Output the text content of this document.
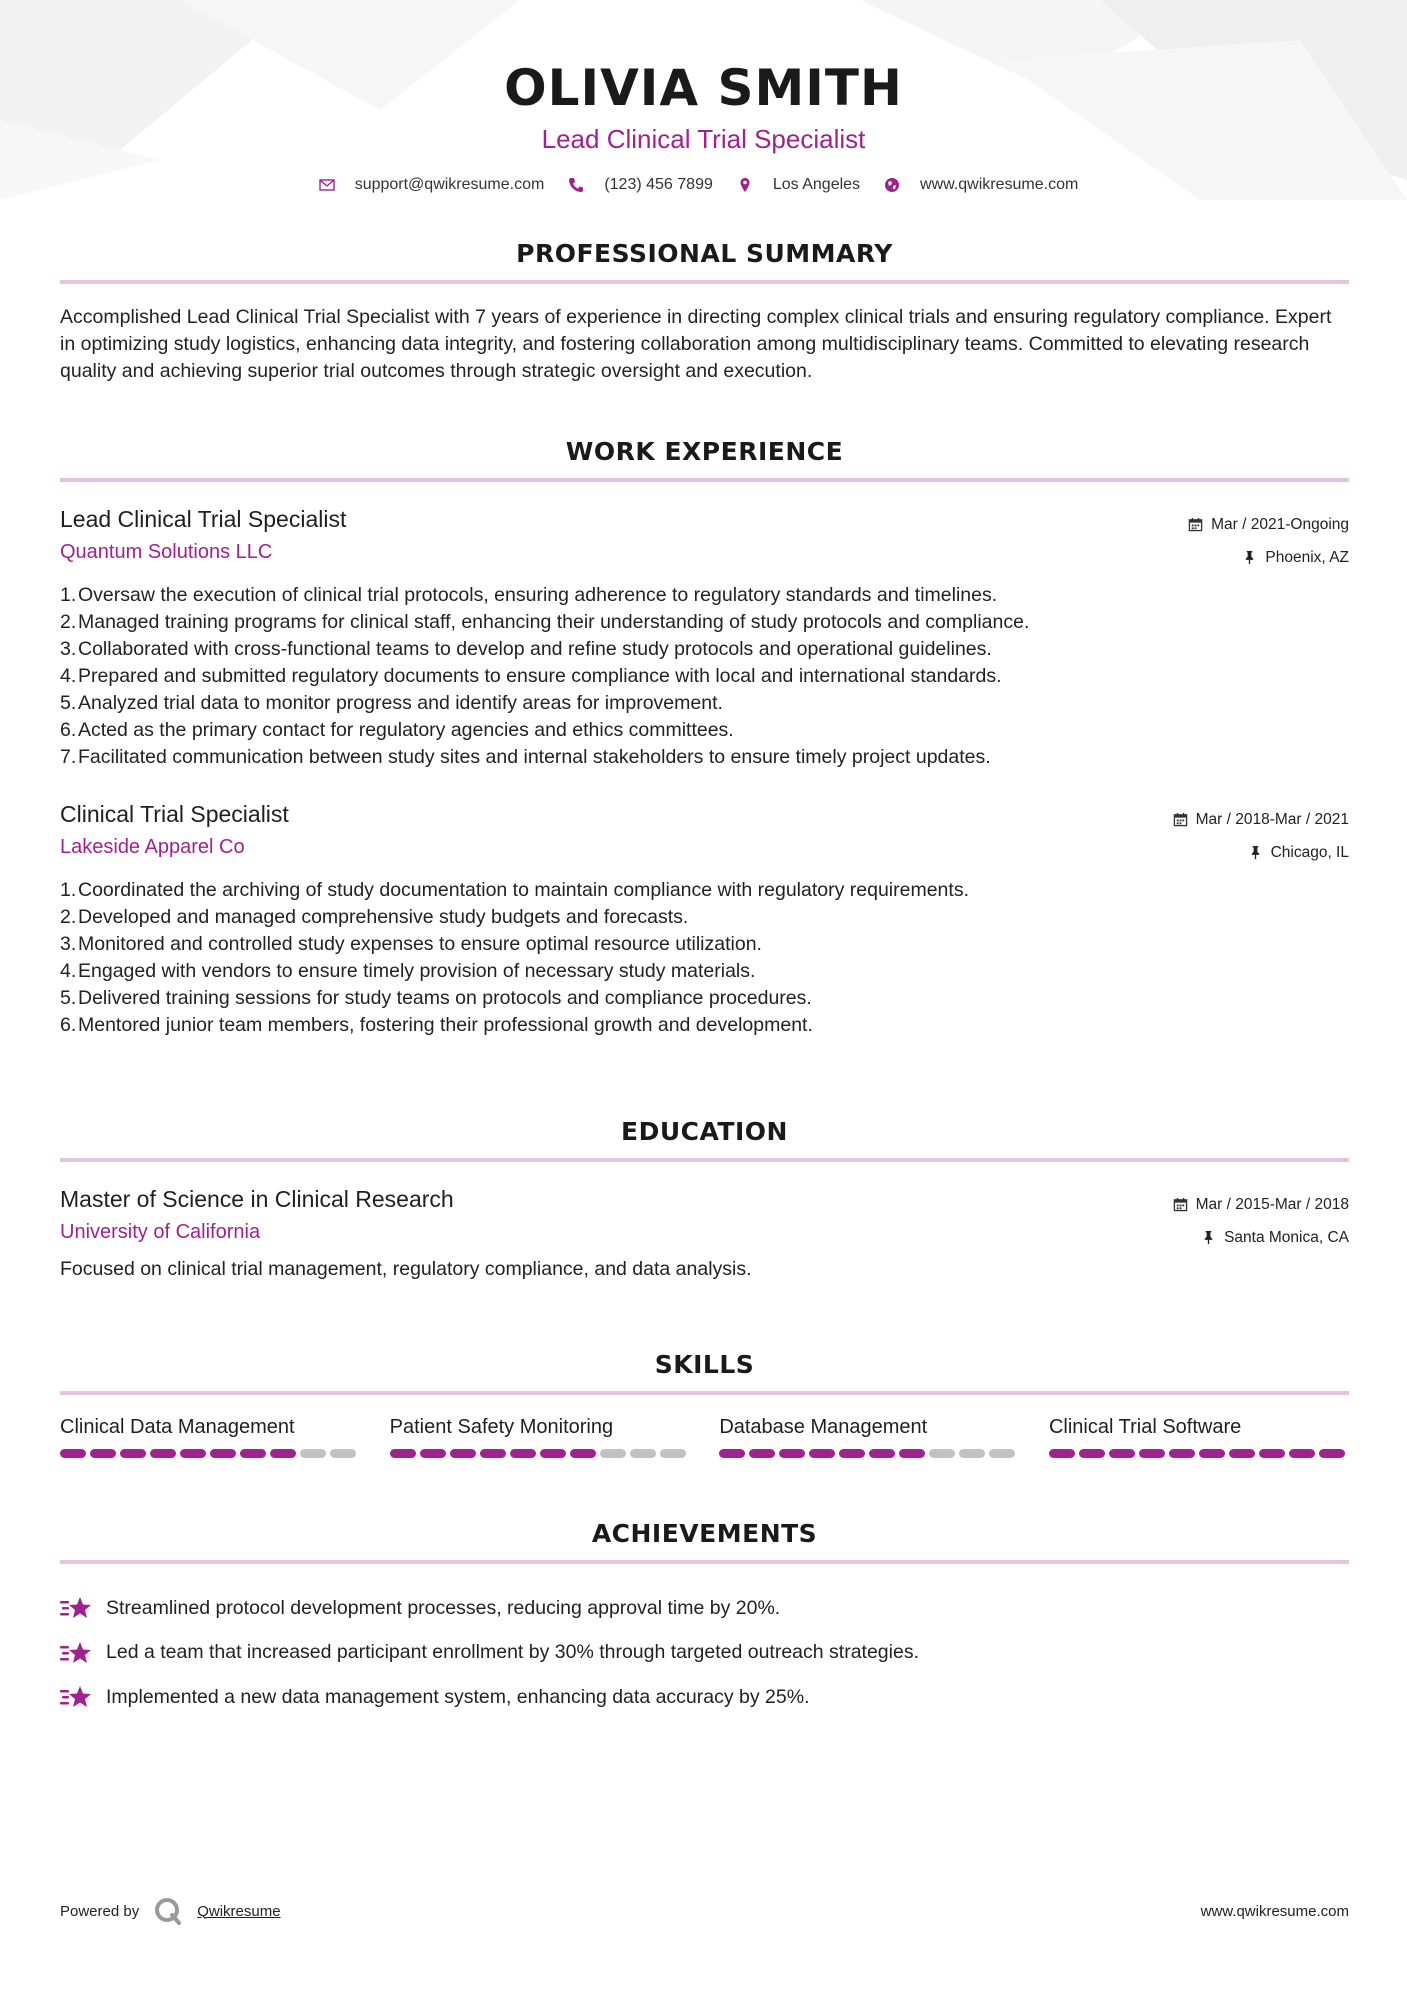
OLIVIA SMITH
Lead Clinical Trial Specialist
support@qwikresume.com	(123) 456 7899	Los Angeles	www.qwikresume.com
PROFESSIONAL SUMMARY

Accomplished Lead Clinical Trial Specialist with 7 years of experience in directing complex clinical trials and ensuring regulatory compliance. Expert in optimizing study logistics, enhancing data integrity, and fostering collaboration among multidisciplinary teams. Committed to elevating research quality and achieving superior trial outcomes through strategic oversight and execution.

WORK EXPERIENCE
Lead Clinical Trial Specialist
Quantum Solutions LLC
Mar / 2021-Ongoing
Phoenix, AZ
1. Oversaw the execution of clinical trial protocols, ensuring adherence to regulatory standards and timelines.
2. Managed training programs for clinical staff, enhancing their understanding of study protocols and compliance.
3. Collaborated with cross-functional teams to develop and refine study protocols and operational guidelines.
4. Prepared and submitted regulatory documents to ensure compliance with local and international standards.
5. Analyzed trial data to monitor progress and identify areas for improvement.
6. Acted as the primary contact for regulatory agencies and ethics committees.
7. Facilitated communication between study sites and internal stakeholders to ensure timely project updates.
Clinical Trial Specialist
Lakeside Apparel Co
Mar / 2018-Mar / 2021
Chicago, IL
1. Coordinated the archiving of study documentation to maintain compliance with regulatory requirements.
2. Developed and managed comprehensive study budgets and forecasts.
3. Monitored and controlled study expenses to ensure optimal resource utilization.
4. Engaged with vendors to ensure timely provision of necessary study materials.
5. Delivered training sessions for study teams on protocols and compliance procedures.
6. Mentored junior team members, fostering their professional growth and development.
EDUCATION
Master of Science in Clinical Research
University of California
Mar / 2015-Mar / 2018
Santa Monica, CA
Focused on clinical trial management, regulatory compliance, and data analysis.
SKILLS
Clinical Data Management	Patient Safety Monitoring	Database Management	Clinical Trial Software
ACHIEVEMENTS
Streamlined protocol development processes, reducing approval time by 20%.
Led a team that increased participant enrollment by 30% through targeted outreach strategies.
Implemented a new data management system, enhancing data accuracy by 25%.
Powered by	Qwikresume	www.qwikresume.com
